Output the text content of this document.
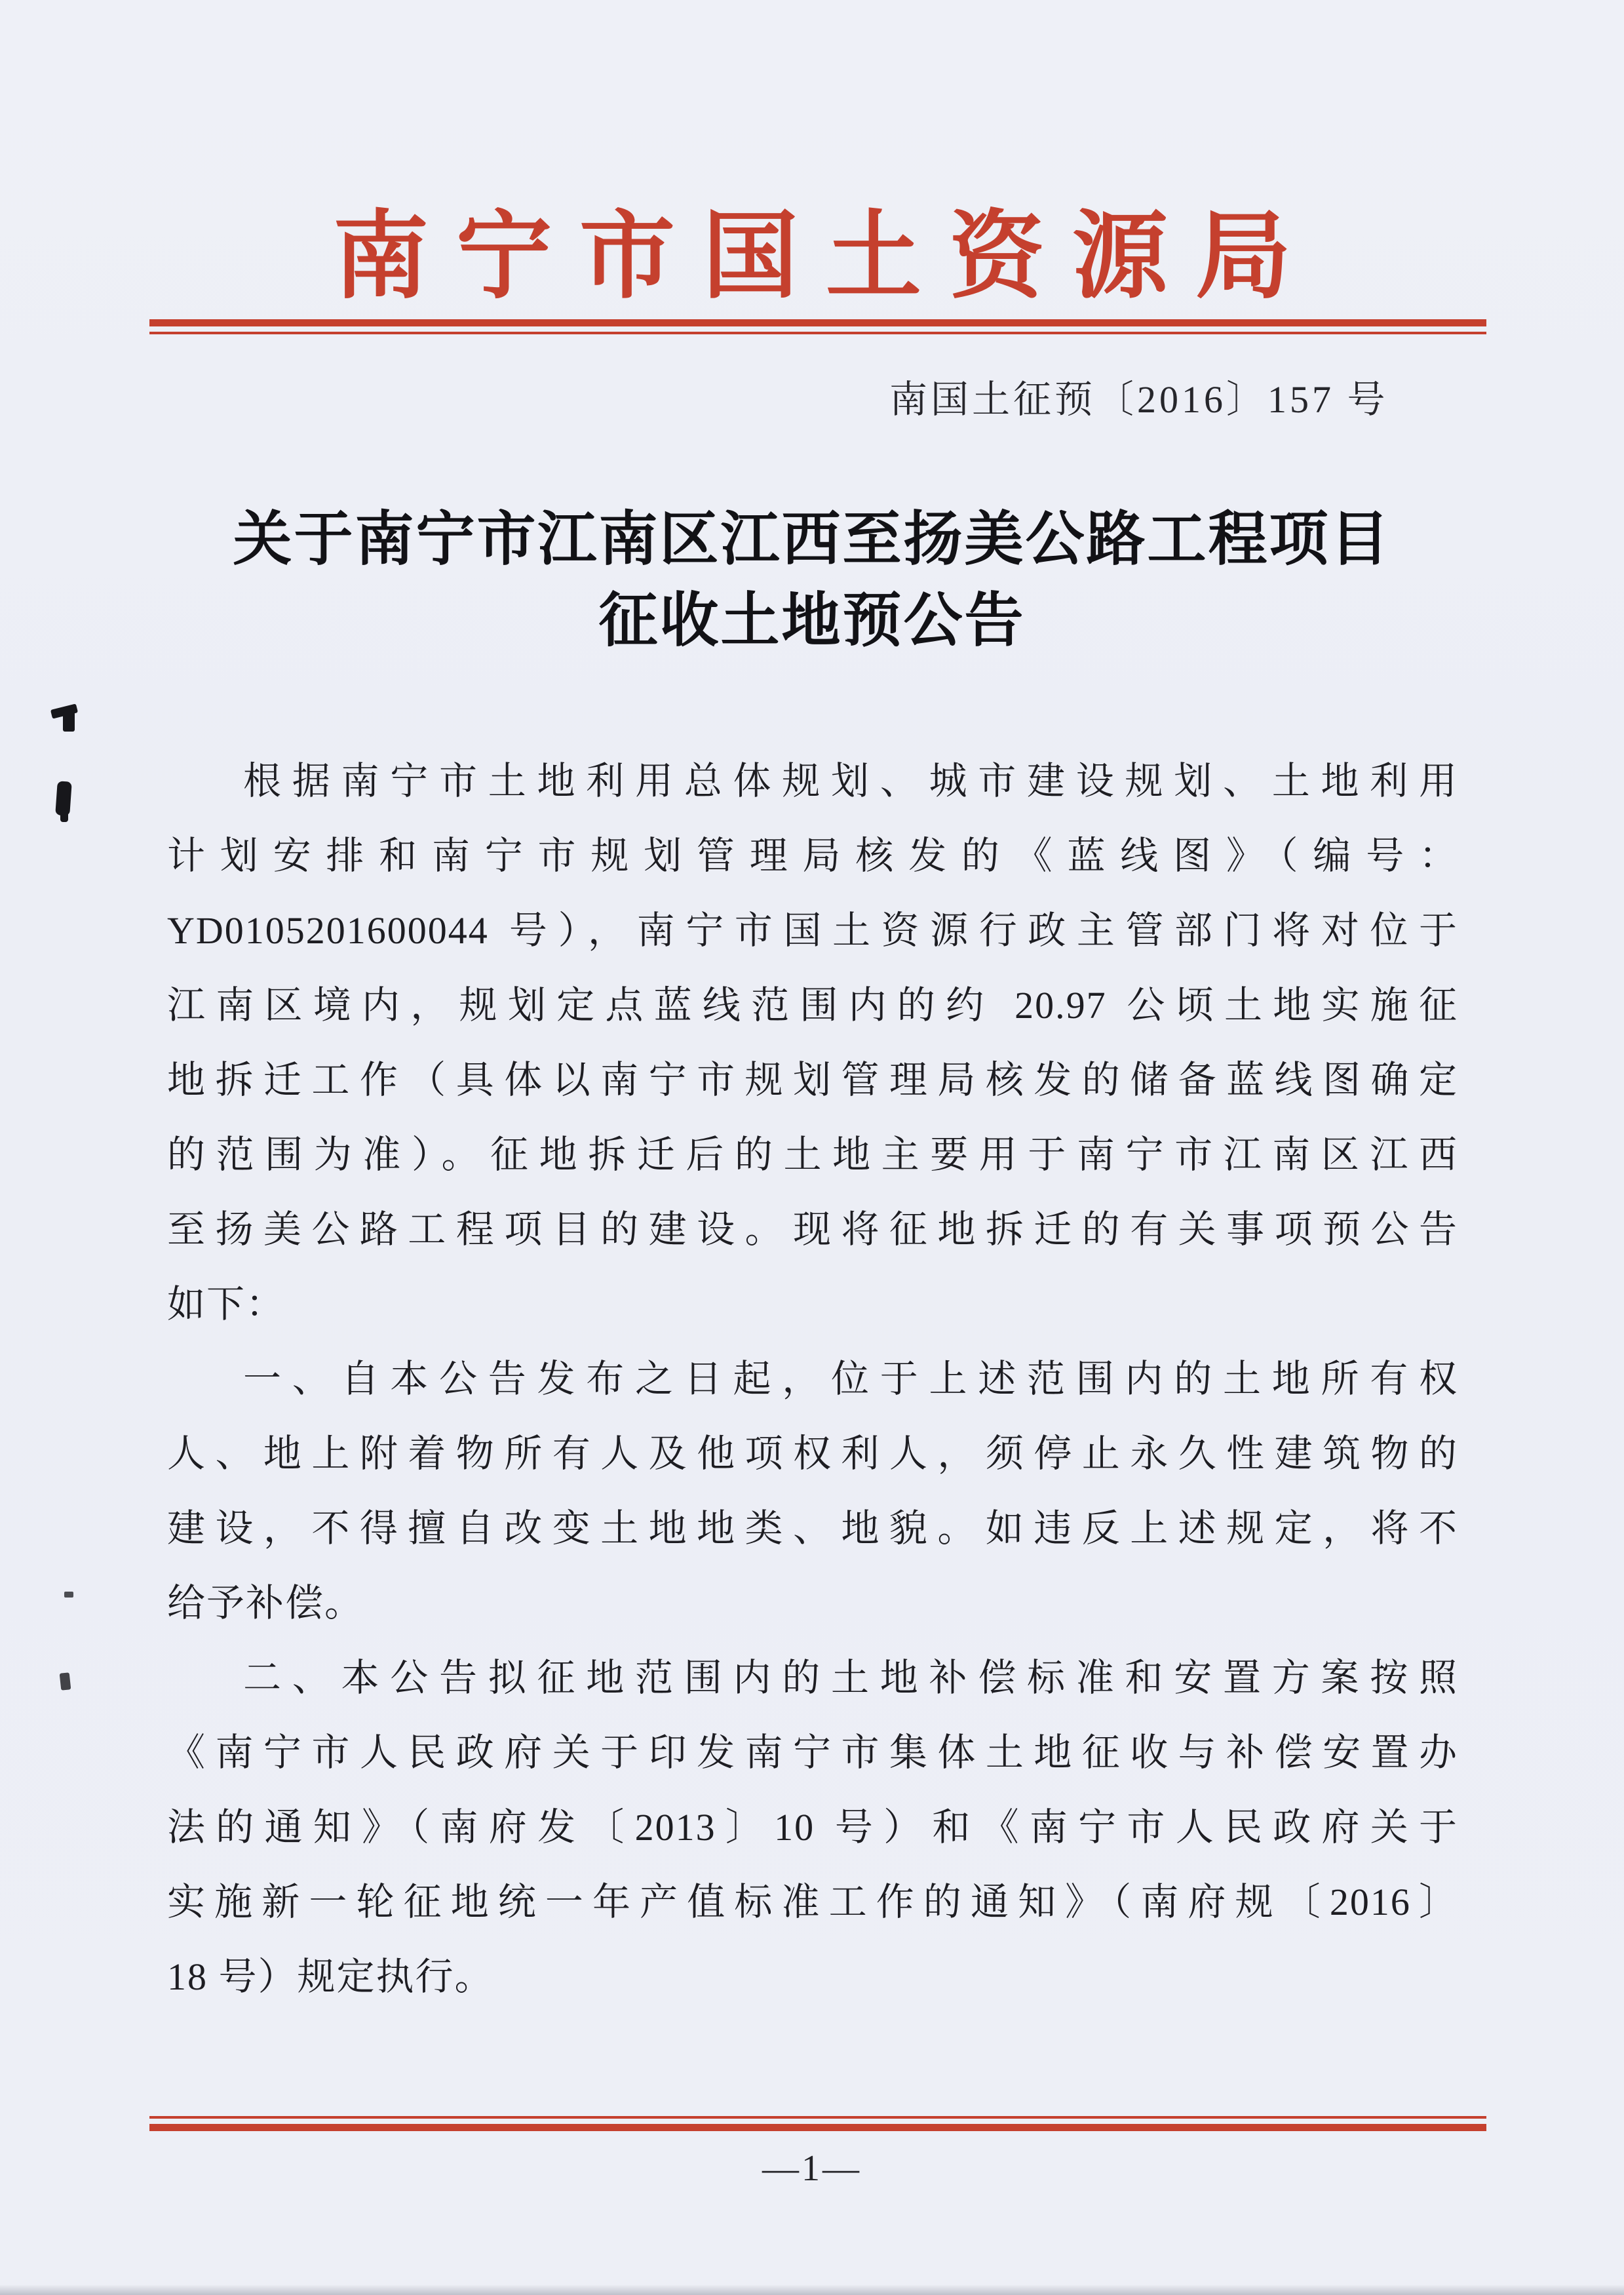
南宁市国土资源局
南国土征预〔2016〕157 号
关于南宁市江南区江西至扬美公路工程项目
征收土地预公告
根据南宁市土地利用总体规划、城市建设规划、土地利用
计划安排和南宁市规划管理局核发的《蓝线图》（编号：
YD0105201600044 号），南宁市国土资源行政主管部门将对位于
江南区境内，规划定点蓝线范围内的约 20.97 公顷土地实施征
地拆迁工作（具体以南宁市规划管理局核发的储备蓝线图确定
的范围为准）。征地拆迁后的土地主要用于南宁市江南区江西
至扬美公路工程项目的建设。现将征地拆迁的有关事项预公告
如下：
一、自本公告发布之日起，位于上述范围内的土地所有权
人、地上附着物所有人及他项权利人，须停止永久性建筑物的
建设，不得擅自改变土地地类、地貌。如违反上述规定，将不
给予补偿。
二、本公告拟征地范围内的土地补偿标准和安置方案按照
《南宁市人民政府关于印发南宁市集体土地征收与补偿安置办
法的通知》（南府发〔2013〕10 号）和《南宁市人民政府关于
实施新一轮征地统一年产值标准工作的通知》（南府规〔2016〕
18 号）规定执行。
—1—
